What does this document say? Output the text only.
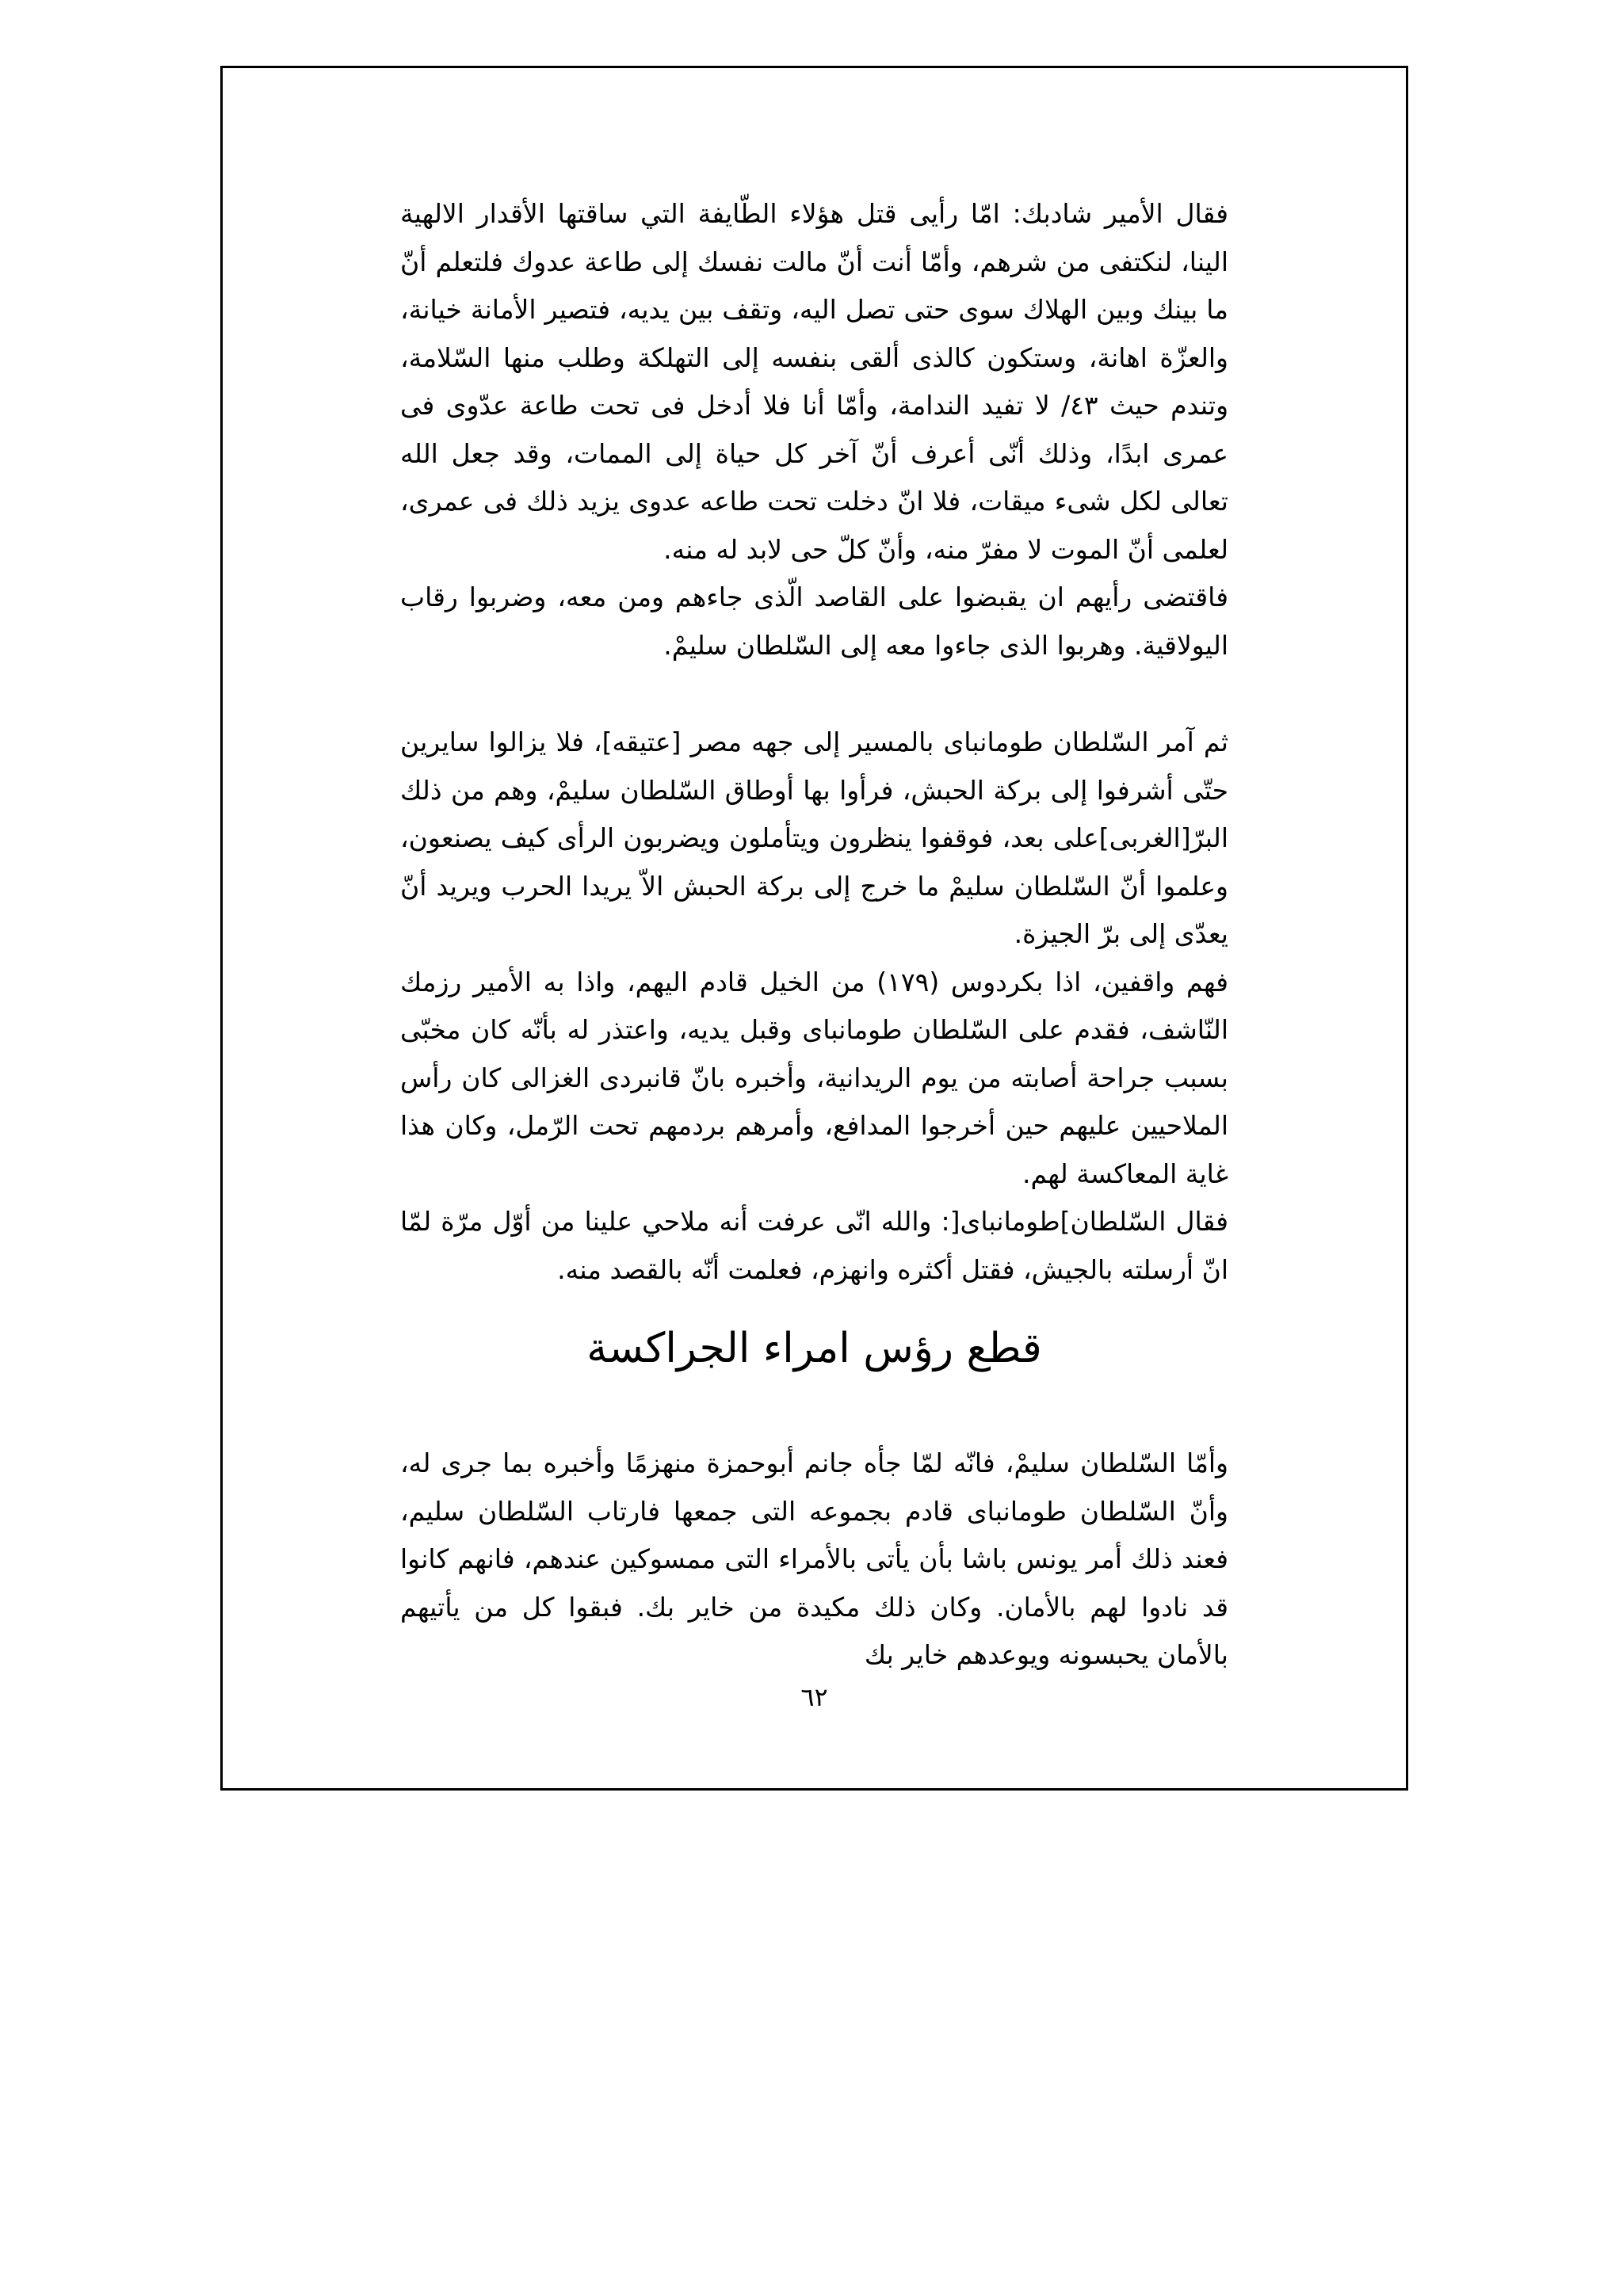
فقال الأمير شادبك: امّا رأيى قتل هؤلاء الطّايفة التي ساقتها الأقدار الالهية الينا، لنكتفى من شرهم، وأمّا أنت أنّ مالت نفسك إلى طاعة عدوك فلتعلم أنّ ما بينك وبين الهلاك سوى حتى تصل اليه، وتقف بين يديه، فتصير الأمانة خيانة، والعزّة اهانة، وستكون كالذى ألقى بنفسه إلى التهلكة وطلب منها السّلامة، وتندم حيث ٤٣/ لا تفيد الندامة، وأمّا أنا فلا أدخل فى تحت طاعة عدّوى فى عمرى ابدًا، وذلك أنّى أعرف أنّ آخر كل حياة إلى الممات، وقد جعل الله تعالى لكل شىء ميقات، فلا انّ دخلت تحت طاعه عدوى يزيد ذلك فى عمرى، لعلمى أنّ الموت لا مفرّ منه، وأنّ كلّ حى لابد له منه.

فاقتضى رأيهم ان يقبضوا على القاصد الّذى جاءهم ومن معه، وضربوا رقاب اليولاقية. وهربوا الذى جاءوا معه إلى السّلطان سليمْ.

ثم آمر السّلطان طومانباى بالمسير إلى جهه مصر [عتيقه]، فلا يزالوا سايرين حتّى أشرفوا إلى بركة الحبش، فرأوا بها أوطاق السّلطان سليمْ، وهم من ذلك البرّ[الغربى]على بعد، فوقفوا ينظرون ويتأملون ويضربون الرأى كيف يصنعون، وعلموا أنّ السّلطان سليمْ ما خرج إلى بركة الحبش الاّ يريدا الحرب ويريد أنّ يعدّى إلى برّ الجيزة.

فهم واقفين، اذا بكردوس (١٧٩) من الخيل قادم اليهم، واذا به الأمير رزمك النّاشف، فقدم على السّلطان طومانباى وقبل يديه، واعتذر له بأنّه كان مخبّى بسبب جراحة أصابته من يوم الريدانية، وأخبره بانّ قانبردى الغزالى كان رأس الملاحيين عليهم حين أخرجوا المدافع، وأمرهم بردمهم تحت الرّمل، وكان هذا غاية المعاكسة لهم.

فقال السّلطان]طومانباى[: والله انّى عرفت أنه ملاحي علينا من أوّل مرّة لمّا انّ أرسلته بالجيش، فقتل أكثره وانهزم، فعلمت أنّه بالقصد منه.

قطع رؤس امراء الجراكسة

وأمّا السّلطان سليمْ، فانّه لمّا جأه جانم أبوحمزة منهزمًا وأخبره بما جرى له، وأنّ السّلطان طومانباى قادم بجموعه التى جمعها فارتاب السّلطان سليم، فعند ذلك أمر يونس باشا بأن يأتى بالأمراء التى ممسوكين عندهم، فانهم كانوا قد نادوا لهم بالأمان. وكان ذلك مكيدة من خاير بك. فبقوا كل من يأتيهم بالأمان يحبسونه ويوعدهم خاير بك

٦٢
